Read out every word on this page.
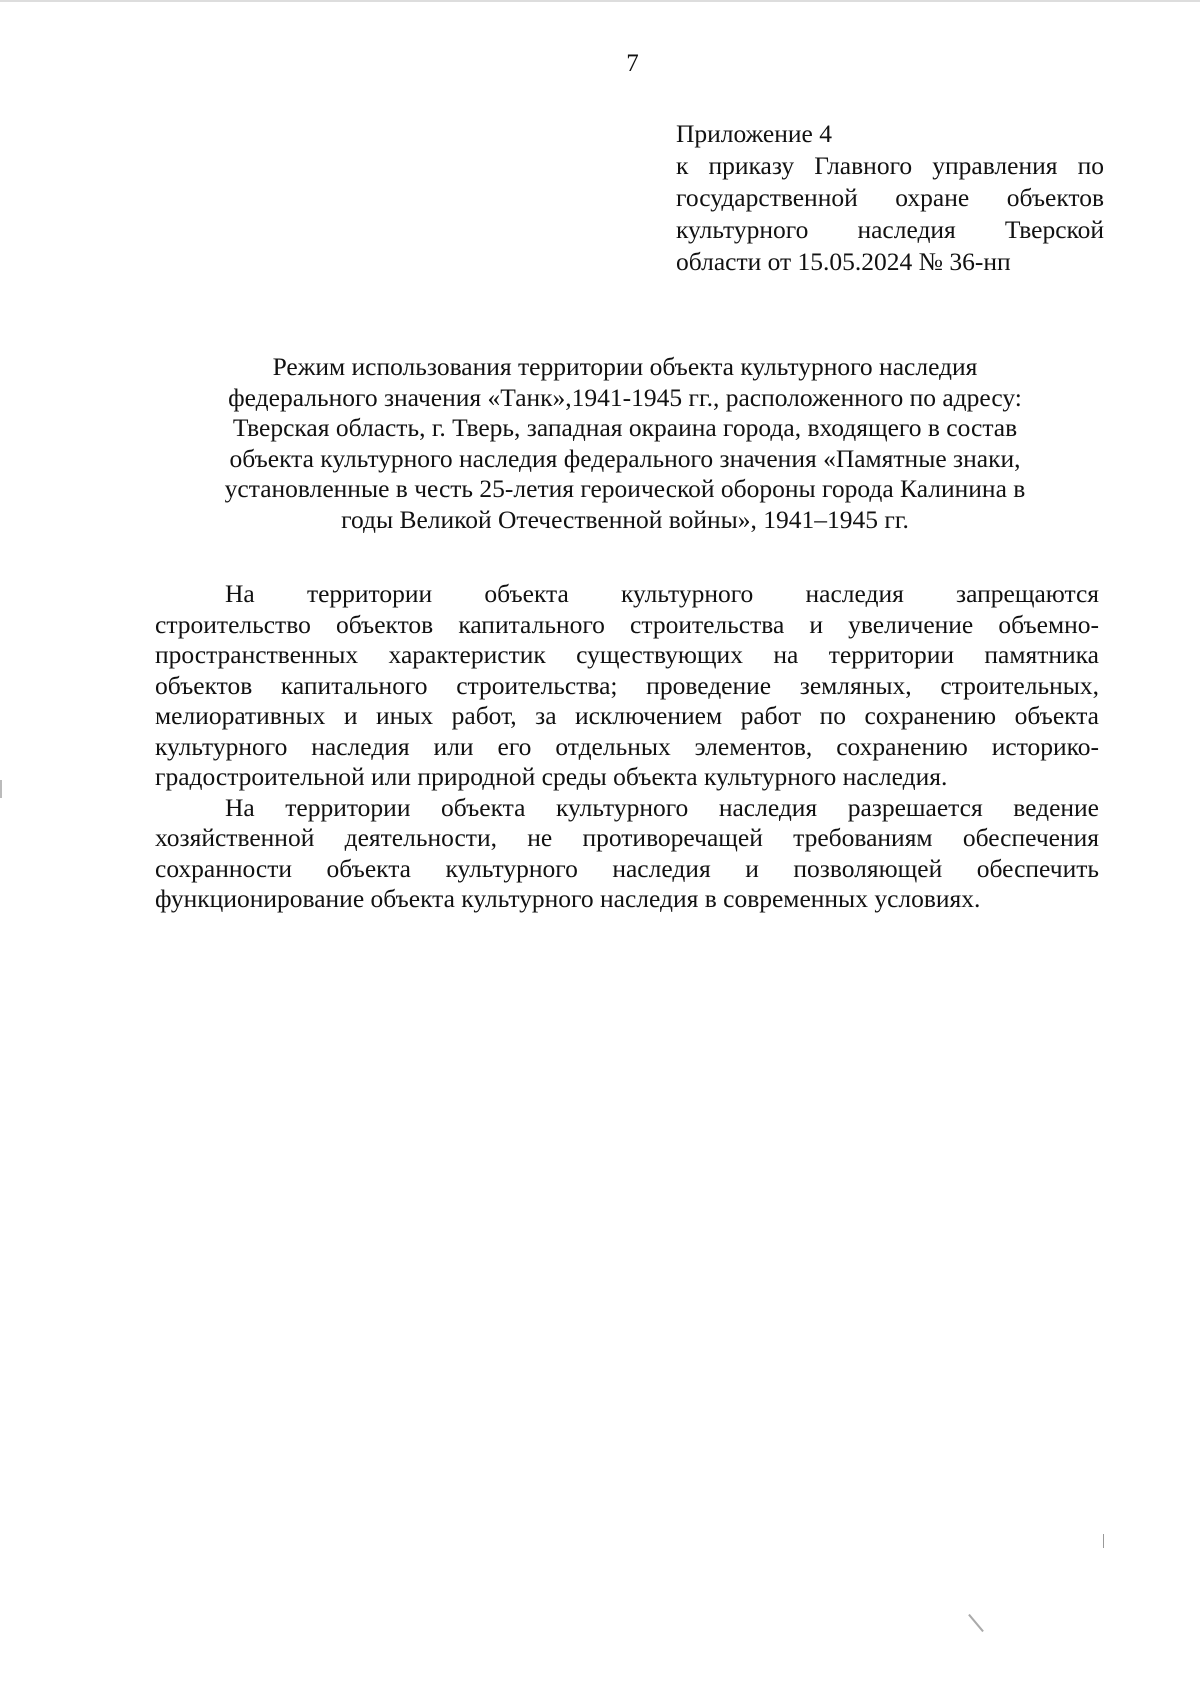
7
Приложение 4
к приказу Главного управления по
государственной охране объектов
культурного наследия Тверской
области от 15.05.2024 № 36-нп
Режим использования территории объекта культурного наследия
федерального значения «Танк»,1941-1945 гг., расположенного по адресу:
Тверская область, г. Тверь, западная окраина города, входящего в состав
объекта культурного наследия федерального значения «Памятные знаки,
установленные в честь 25-летия героической обороны города Калинина в
годы Великой Отечественной войны», 1941–1945 гг.
На территории объекта культурного наследия запрещаются
строительство объектов капитального строительства и увеличение объемно-
пространственных характеристик существующих на территории памятника
объектов капитального строительства; проведение земляных, строительных,
мелиоративных и иных работ, за исключением работ по сохранению объекта
культурного наследия или его отдельных элементов, сохранению историко-
градостроительной или природной среды объекта культурного наследия.
На территории объекта культурного наследия разрешается ведение
хозяйственной деятельности, не противоречащей требованиям обеспечения
сохранности объекта культурного наследия и позволяющей обеспечить
функционирование объекта культурного наследия в современных условиях.
